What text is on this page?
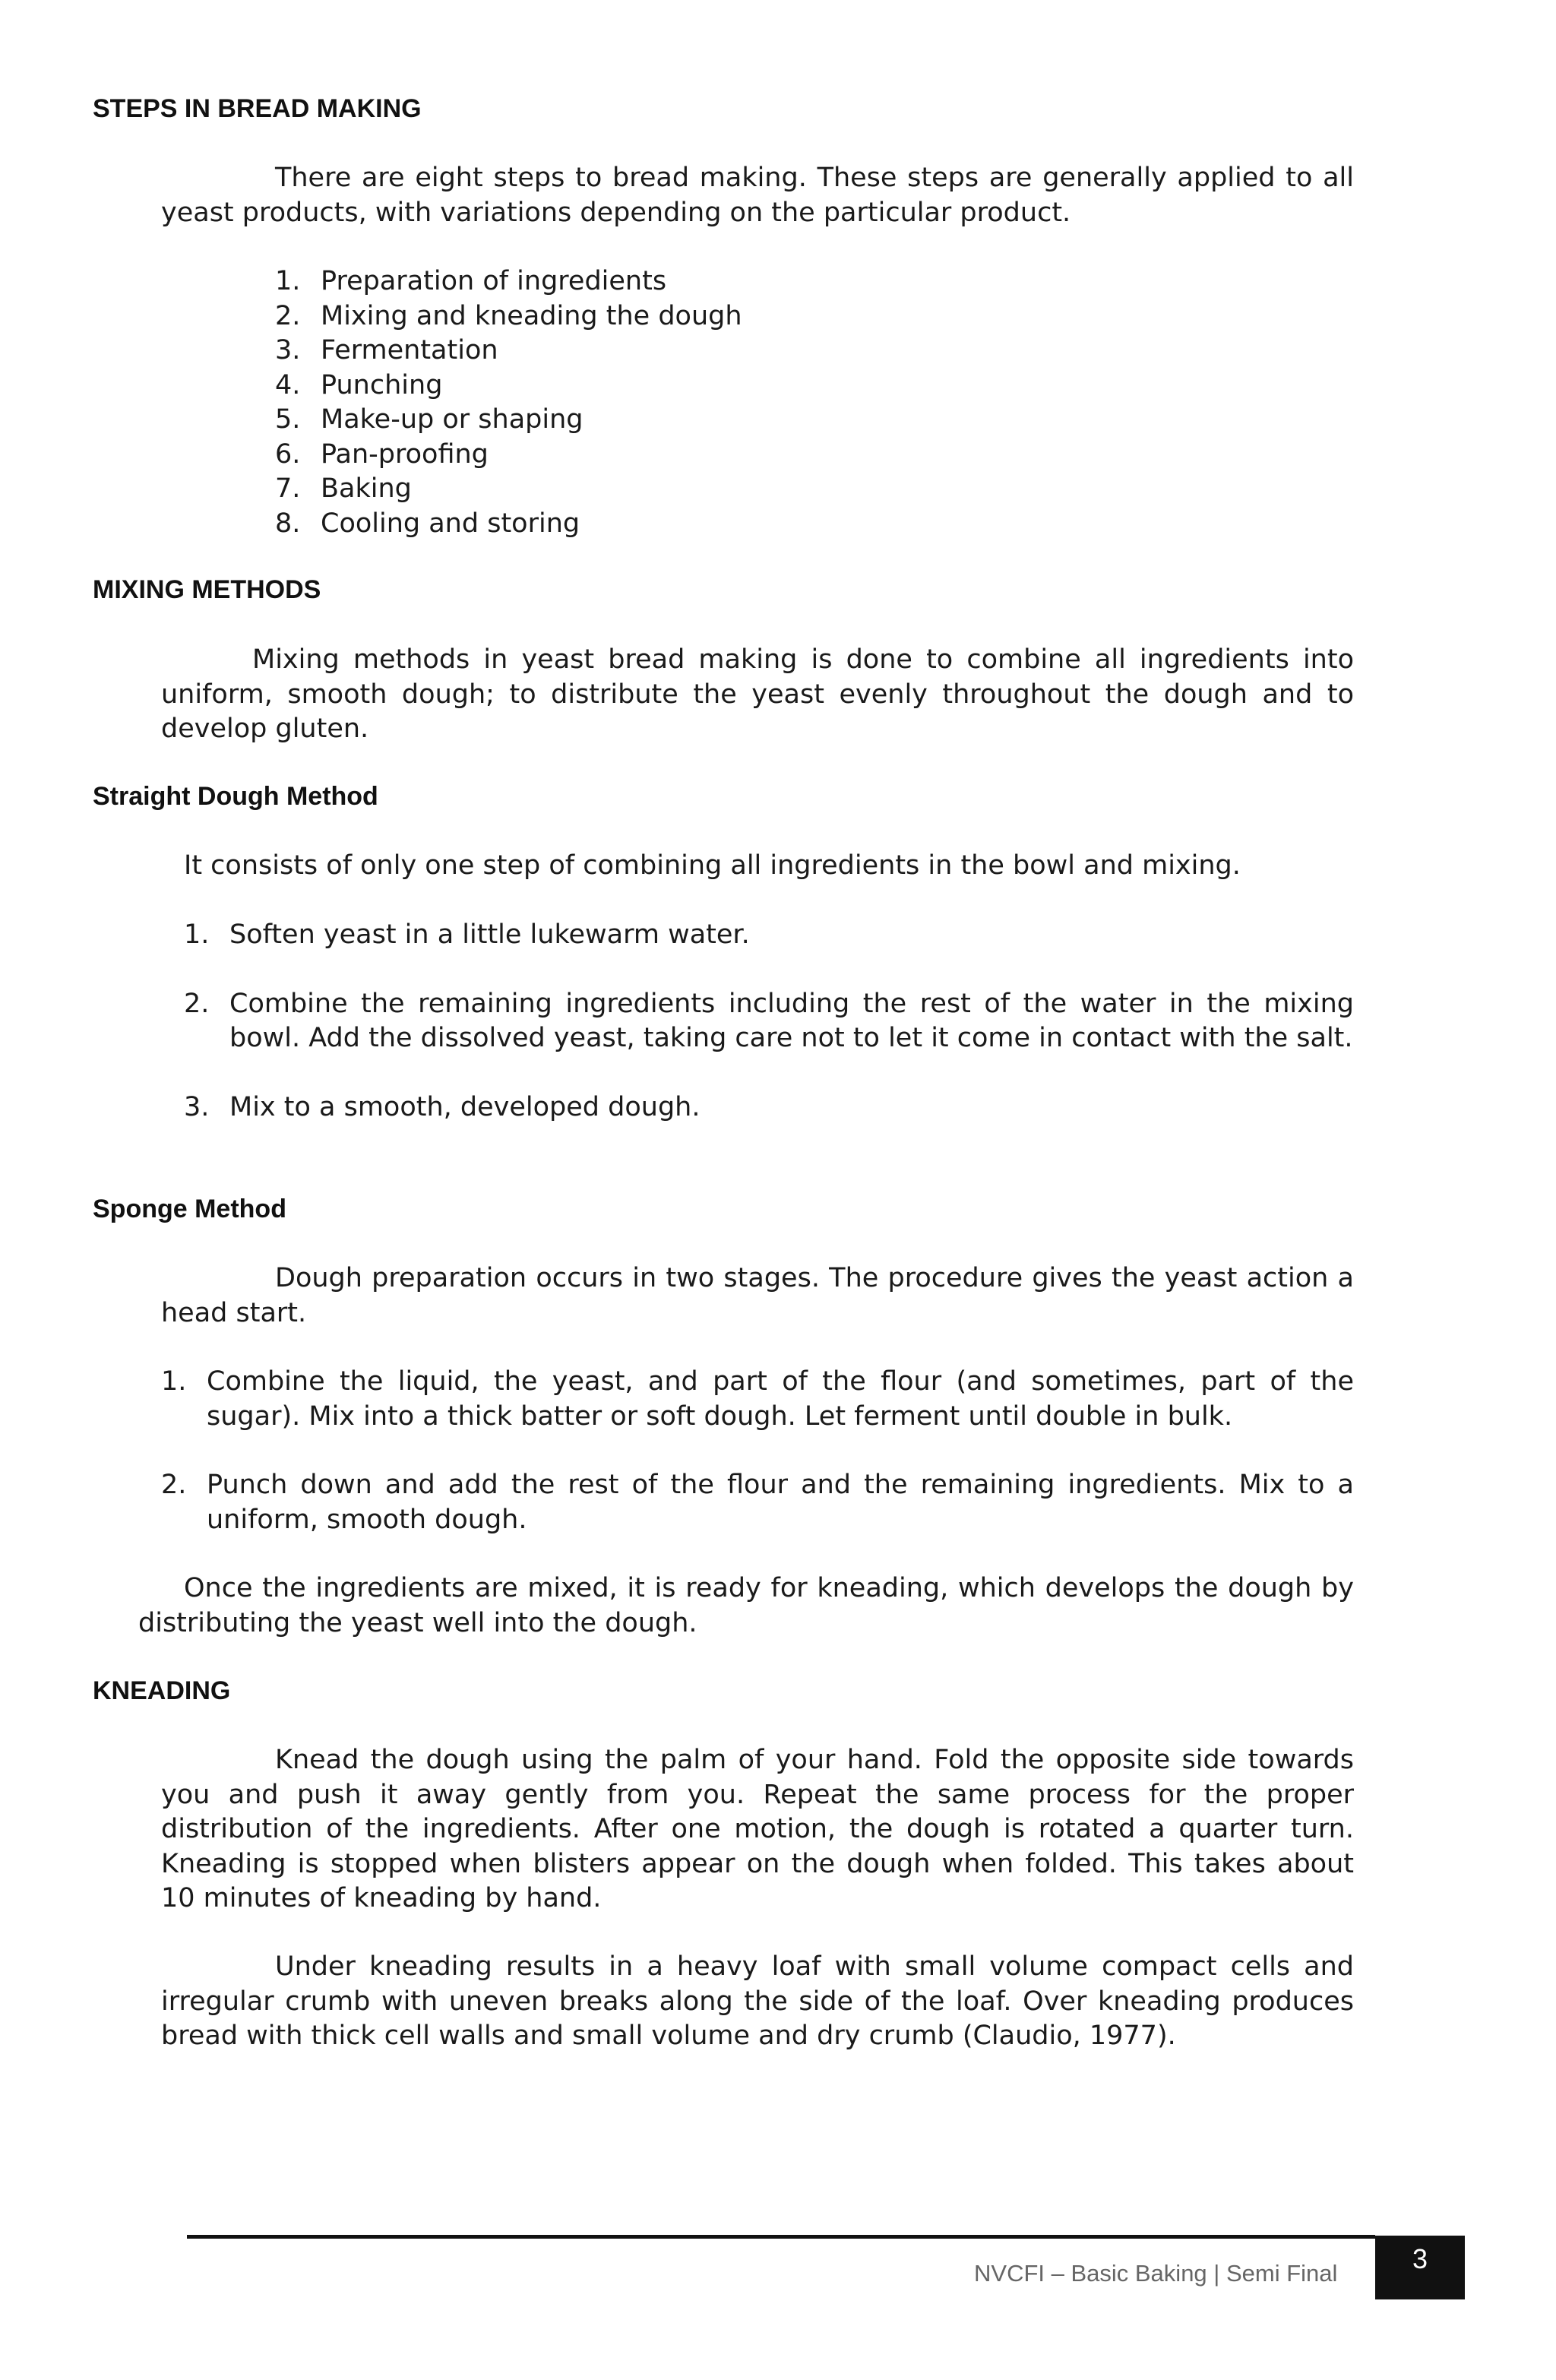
STEPS IN BREAD MAKING

There are eight steps to bread making. These steps are generally applied to all yeast products, with variations depending on the particular product.

1. Preparation of ingredients
2. Mixing and kneading the dough
3. Fermentation
4. Punching
5. Make-up or shaping
6. Pan-proofing
7. Baking
8. Cooling and storing
MIXING METHODS

Mixing methods in yeast bread making is done to combine all ingredients into uniform, smooth dough; to distribute the yeast evenly throughout the dough and to develop gluten.

Straight Dough Method

It consists of only one step of combining all ingredients in the bowl and mixing.

1. Soften yeast in a little lukewarm water.
2. Combine the remaining ingredients including the rest of the water in the mixing bowl. Add the dissolved yeast, taking care not to let it come in contact with the salt.
3. Mix to a smooth, developed dough.
Sponge Method

Dough preparation occurs in two stages. The procedure gives the yeast action a head start.

1. Combine the liquid, the yeast, and part of the flour (and sometimes, part of the sugar). Mix into a thick batter or soft dough. Let ferment until double in bulk.
2. Punch down and add the rest of the flour and the remaining ingredients. Mix to a uniform, smooth dough.

Once the ingredients are mixed, it is ready for kneading, which develops the dough by distributing the yeast well into the dough.

KNEADING

Knead the dough using the palm of your hand. Fold the opposite side towards you and push it away gently from you. Repeat the same process for the proper distribution of the ingredients. After one motion, the dough is rotated a quarter turn. Kneading is stopped when blisters appear on the dough when folded. This takes about 10 minutes of kneading by hand.

Under kneading results in a heavy loaf with small volume compact cells and irregular crumb with uneven breaks along the side of the loaf. Over kneading produces bread with thick cell walls and small volume and dry crumb (Claudio, 1977).

NVCFI – Basic Baking | Semi Final	3
